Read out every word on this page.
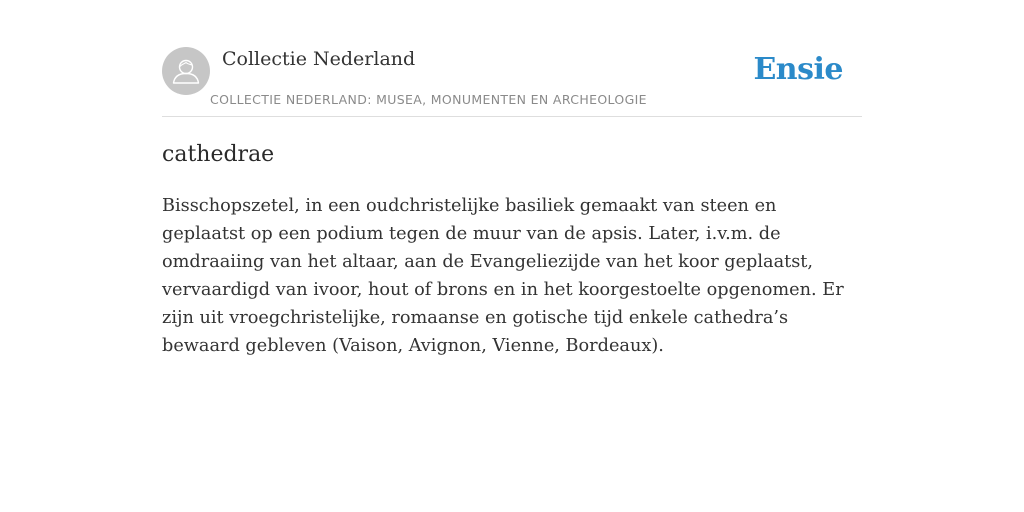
Collectie Nederland
COLLECTIE NEDERLAND: MUSEA, MONUMENTEN EN ARCHEOLOGIE
Ensie
cathedrae

Bisschopszetel, in een oudchristelijke basiliek gemaakt van steen en geplaatst op een podium tegen de muur van de apsis. Later, i.v.m. de omdraaiing van het altaar, aan de Evangeliezijde van het koor geplaatst, vervaardigd van ivoor, hout of brons en in het koorgestoelte opgenomen. Er zijn uit vroegchristelijke, romaanse en gotische tijd enkele cathedra’s bewaard gebleven (Vaison, Avignon, Vienne, Bordeaux).
